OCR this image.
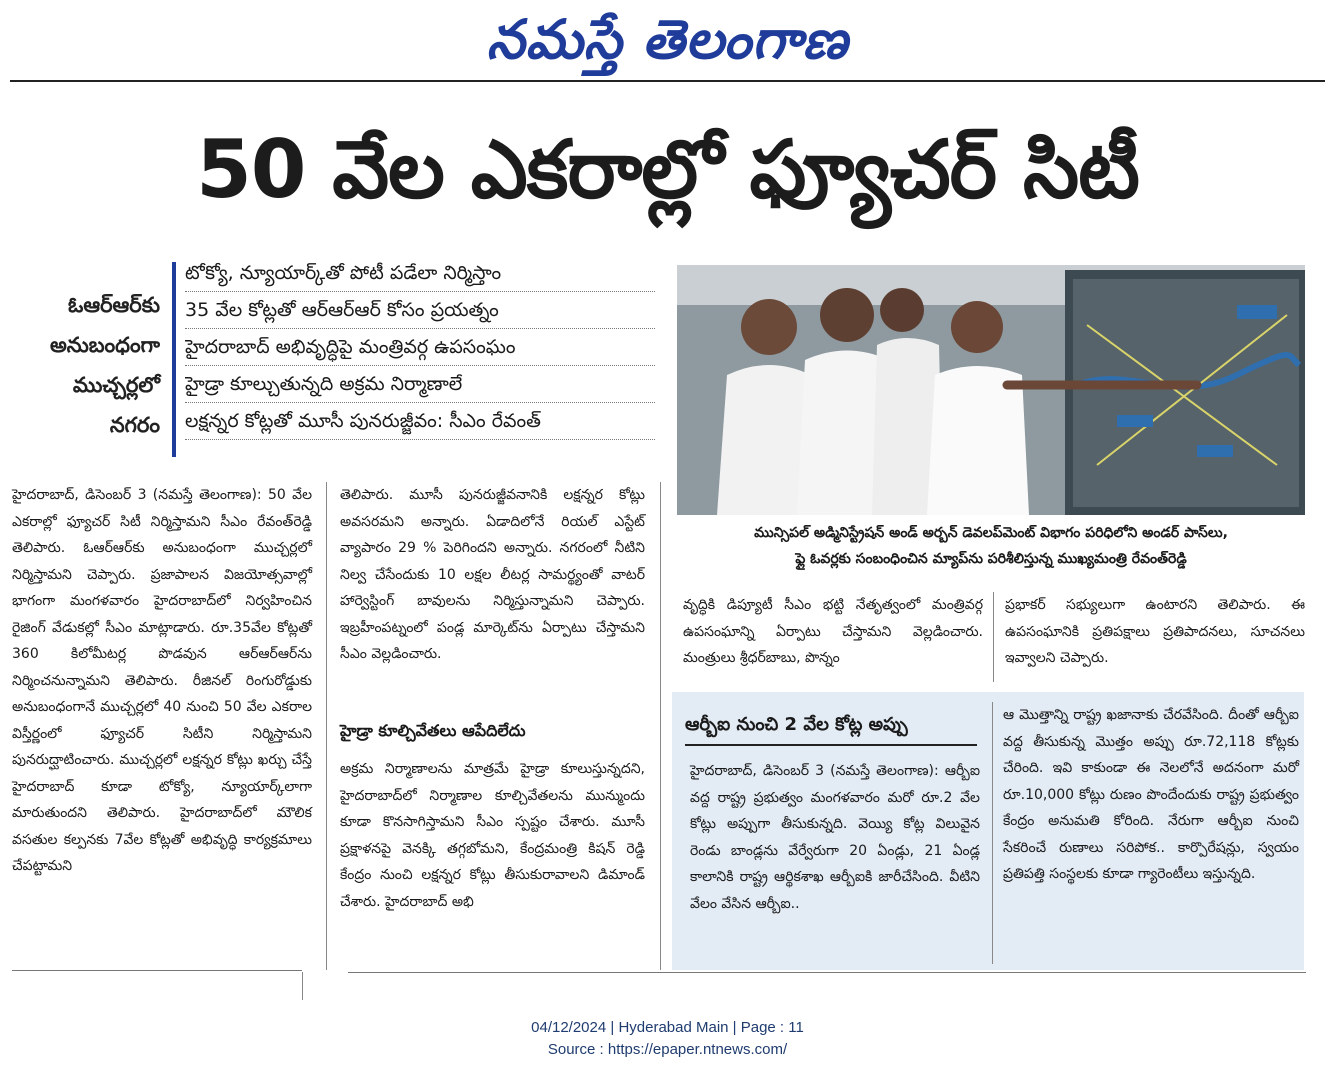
నమస్తే తెలంగాణ
50 వేల ఎకరాల్లో ఫ్యూచర్ సిటీ
ఓఆర్ఆర్‌కు
అనుబంధంగా
ముచ్చర్లలో
నగరం
టోక్యో, న్యూయార్క్‌తో పోటీ పడేలా నిర్మిస్తాం
35 వేల కోట్లతో ఆర్ఆర్ఆర్ కోసం ప్రయత్నం
హైదరాబాద్ అభివృద్ధిపై మంత్రివర్గ ఉపసంఘం
హైడ్రా కూల్చుతున్నది అక్రమ నిర్మాణాలే
లక్షన్నర కోట్లతో మూసీ పునరుజ్జీవం: సీఎం రేవంత్
మున్సిపల్ అడ్మినిస్ట్రేషన్ అండ్ అర్బన్ డెవలప్‌మెంట్ విభాగం పరిధిలోని అండర్ పాస్‌లు,
ఫ్లై ఓవర్లకు సంబంధించిన మ్యాప్‌ను పరిశీలిస్తున్న ముఖ్యమంత్రి రేవంత్‌రెడ్డి
హైదరాబాద్, డిసెంబర్ 3 (నమస్తే తెలంగాణ): 50 వేల ఎకరాల్లో ఫ్యూచర్ సిటీ నిర్మిస్తామని సీఎం రేవంత్‌రెడ్డి తెలిపారు. ఓఆర్ఆర్‌కు అనుబంధంగా ముచ్చర్లలో నిర్మిస్తామని చెప్పారు. ప్రజాపాలన విజయోత్సవాల్లో భాగంగా మంగళవారం హైదరాబాద్‌లో నిర్వహించిన రైజింగ్ వేడుకల్లో సీఎం మాట్లాడారు. రూ.35వేల కోట్లతో 360 కిలోమీటర్ల పొడవున ఆర్ఆర్ఆర్‌ను నిర్మించనున్నామని తెలిపారు. రీజినల్ రింగురోడ్డుకు అనుబంధంగానే ముచ్చర్లలో 40 నుంచి 50 వేల ఎకరాల విస్తీర్ణంలో ఫ్యూచర్ సిటీని నిర్మిస్తామని పునరుద్ఘాటించారు. ముచ్చర్లలో లక్షన్నర కోట్లు ఖర్చు చేస్తే హైదరాబాద్ కూడా టోక్యో, న్యూయార్క్‌లాగా మారుతుందని తెలిపారు. హైదరాబాద్‌లో మౌలిక వసతుల కల్పనకు 7వేల కోట్లతో అభివృద్ధి కార్యక్రమాలు చేపట్టామని

తెలిపారు. మూసీ పునరుజ్జీవనానికి లక్షన్నర కోట్లు అవసరమని అన్నారు. ఏడాదిలోనే రియల్ ఎస్టేట్ వ్యాపారం 29 % పెరిగిందని అన్నారు. నగరంలో నీటిని నిల్వ చేసేందుకు 10 లక్షల లీటర్ల సామర్థ్యంతో వాటర్ హార్వెస్టింగ్ బావులను నిర్మిస్తున్నామని చెప్పారు. ఇబ్రహీంపట్నంలో పండ్ల మార్కెట్‌ను ఏర్పాటు చేస్తామని సీఎం వెల్లడించారు.

హైడ్రా కూల్చివేతలు ఆపేదిలేదు

అక్రమ నిర్మాణాలను మాత్రమే హైడ్రా కూలుస్తున్నదని, హైదరాబాద్‌లో నిర్మాణాల కూల్చివేతలను మున్ముందు కూడా కొనసాగిస్తామని సీఎం స్పష్టం చేశారు. మూసీ ప్రక్షాళనపై వెనక్కి తగ్గబోమని, కేంద్రమంత్రి కిషన్ రెడ్డి కేంద్రం నుంచి లక్షన్నర కోట్లు తీసుకురావాలని డిమాండ్ చేశారు. హైదరాబాద్ అభి

వృద్ధికి డిప్యూటీ సీఎం భట్టి నేతృత్వంలో మంత్రివర్గ ఉపసంఘాన్ని ఏర్పాటు చేస్తామని వెల్లడించారు. మంత్రులు శ్రీధర్‌బాబు, పొన్నం
ప్రభాకర్ సభ్యులుగా ఉంటారని తెలిపారు. ఈ ఉపసంఘానికి ప్రతిపక్షాలు ప్రతిపాదనలు, సూచనలు ఇవ్వాలని చెప్పారు.
ఆర్బీఐ నుంచి 2 వేల కోట్ల అప్పు
హైదరాబాద్, డిసెంబర్ 3 (నమస్తే తెలంగాణ): ఆర్బీఐ వద్ద రాష్ట్ర ప్రభుత్వం మంగళవారం మరో రూ.2 వేల కోట్లు అప్పుగా తీసుకున్నది. వెయ్యి కోట్ల విలువైన రెండు బాండ్లను వేర్వేరుగా 20 ఏండ్లు, 21 ఏండ్ల కాలానికి రాష్ట్ర ఆర్థికశాఖ ఆర్బీఐకి జారీచేసింది. వీటిని వేలం వేసిన ఆర్బీఐ..
ఆ మొత్తాన్ని రాష్ట్ర ఖజానాకు చేరవేసింది. దీంతో ఆర్బీఐ వద్ద తీసుకున్న మొత్తం అప్పు రూ.72,118 కోట్లకు చేరింది. ఇవి కాకుండా ఈ నెలలోనే అదనంగా మరో రూ.10,000 కోట్లు రుణం పొందేందుకు రాష్ట్ర ప్రభుత్వం కేంద్రం అనుమతి కోరింది. నేరుగా ఆర్బీఐ నుంచి సేకరించే రుణాలు సరిపోక.. కార్పొరేషన్లు, స్వయం ప్రతిపత్తి సంస్థలకు కూడా గ్యారెంటీలు ఇస్తున్నది.
04/12/2024 | Hyderabad Main | Page : 11
Source : https://epaper.ntnews.com/
